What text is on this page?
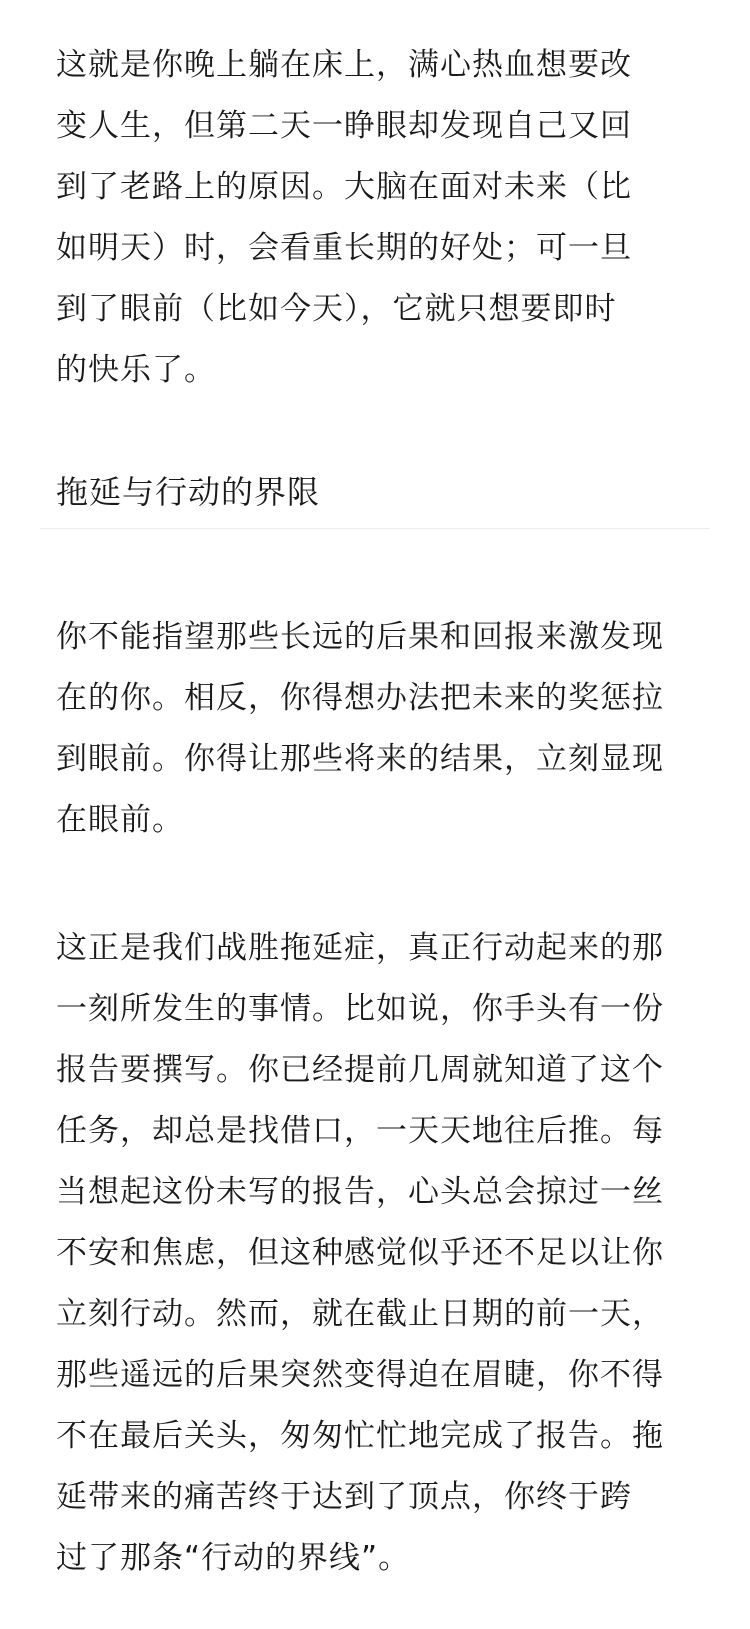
这就是你晚上躺在床上，满心热血想要改
变人生，但第二天一睁眼却发现自己又回
到了老路上的原因。大脑在面对未来（比
如明天）时，会看重长期的好处；可一旦
到了眼前（比如今天），它就只想要即时
的快乐了。

拖延与行动的界限

你不能指望那些长远的后果和回报来激发现
在的你。相反，你得想办法把未来的奖惩拉
到眼前。你得让那些将来的结果，立刻显现
在眼前。

这正是我们战胜拖延症，真正行动起来的那
一刻所发生的事情。比如说，你手头有一份
报告要撰写。你已经提前几周就知道了这个
任务，却总是找借口，一天天地往后推。每
当想起这份未写的报告，心头总会掠过一丝
不安和焦虑，但这种感觉似乎还不足以让你
立刻行动。然而，就在截止日期的前一天，
那些遥远的后果突然变得迫在眉睫，你不得
不在最后关头，匆匆忙忙地完成了报告。拖
延带来的痛苦终于达到了顶点，你终于跨
过了那条“行动的界线”。
